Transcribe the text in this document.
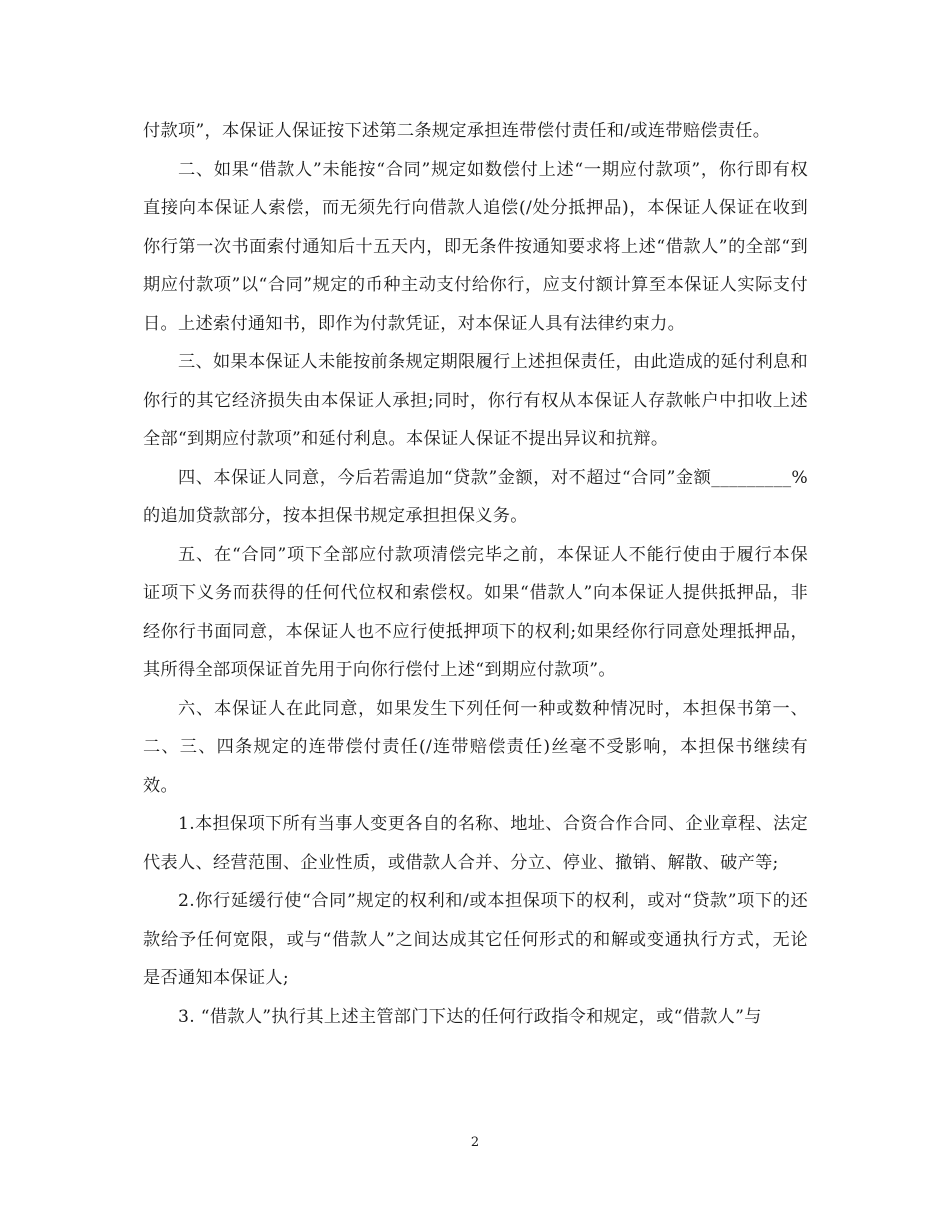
付款项”，本保证人保证按下述第二条规定承担连带偿付责任和/或连带赔偿责任。

二、如果“借款人”未能按“合同”规定如数偿付上述“一期应付款项”，你行即有权直接向本保证人索偿，而无须先行向借款人追偿(/处分抵押品)，本保证人保证在收到你行第一次书面索付通知后十五天内，即无条件按通知要求将上述“借款人”的全部“到期应付款项”以“合同”规定的币种主动支付给你行，应支付额计算至本保证人实际支付日。上述索付通知书，即作为付款凭证，对本保证人具有法律约束力。

三、如果本保证人未能按前条规定期限履行上述担保责任，由此造成的延付利息和你行的其它经济损失由本保证人承担;同时，你行有权从本保证人存款帐户中扣收上述全部“到期应付款项”和延付利息。本保证人保证不提出异议和抗辩。

四、本保证人同意，今后若需追加“贷款”金额，对不超过“合同”金额_________%的追加贷款部分，按本担保书规定承担担保义务。

五、在“合同”项下全部应付款项清偿完毕之前，本保证人不能行使由于履行本保证项下义务而获得的任何代位权和索偿权。如果“借款人”向本保证人提供抵押品，非经你行书面同意，本保证人也不应行使抵押项下的权利;如果经你行同意处理抵押品，其所得全部项保证首先用于向你行偿付上述“到期应付款项”。

六、本保证人在此同意，如果发生下列任何一种或数种情况时，本担保书第一、二、三、四条规定的连带偿付责任(/连带赔偿责任)丝毫不受影响，本担保书继续有效。

1.本担保项下所有当事人变更各自的名称、地址、合资合作合同、企业章程、法定代表人、经营范围、企业性质，或借款人合并、分立、停业、撤销、解散、破产等;

2.你行延缓行使“合同”规定的权利和/或本担保项下的权利，或对“贷款”项下的还款给予任何宽限，或与“借款人”之间达成其它任何形式的和解或变通执行方式，无论是否通知本保证人;

3. “借款人”执行其上述主管部门下达的任何行政指令和规定，或“借款人”与

2
